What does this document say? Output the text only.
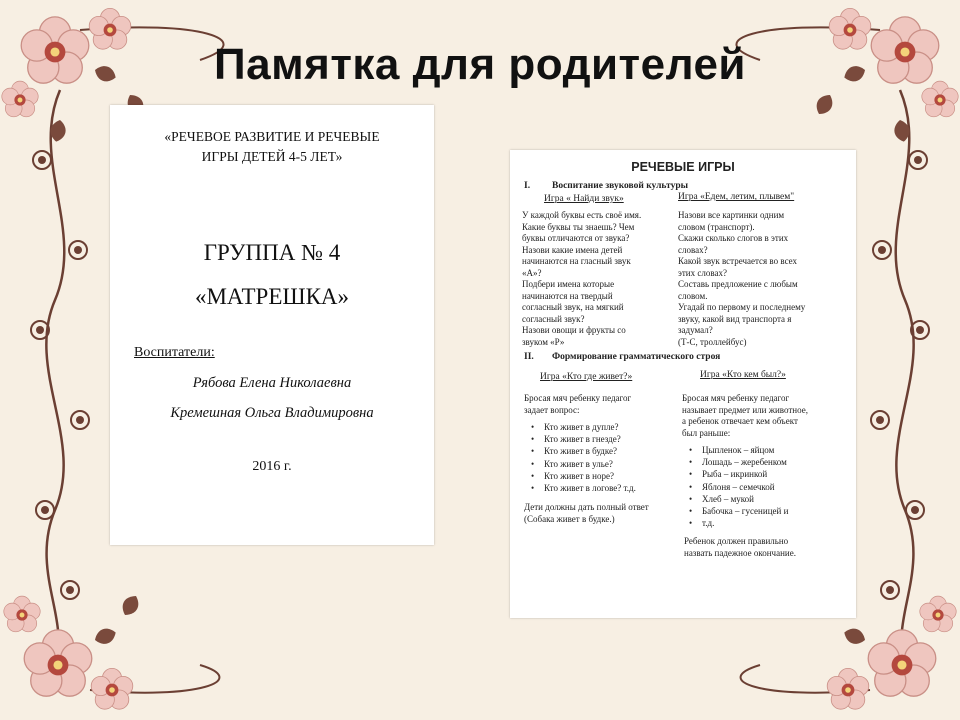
Памятка для родителей
«РЕЧЕВОЕ РАЗВИТИЕ И РЕЧЕВЫЕ
ИГРЫ ДЕТЕЙ 4-5 ЛЕТ»
ГРУППА № 4
«МАТРЕШКА»
Воспитатели:
Рябова Елена Николаевна
Кремешная Ольга Владимировна
2016 г.
РЕЧЕВЫЕ ИГРЫ
I. Воспитание звуковой культуры
Игра « Найди звук»
У каждой буквы есть своё имя.
Какие буквы ты знаешь? Чем
буквы отличаются от звука?
Назови какие имена детей
начинаются на гласный звук
«А»?
Подбери имена которые
начинаются на твердый
согласный звук, на мягкий
согласный звук?
Назови овощи и фрукты со
звуком «Р»
Игра «Едем, летим, плывем"
Назови все картинки одним
словом (транспорт).
Скажи сколько слогов в этих
словах?
Какой звук встречается во всех
этих словах?
Составь предложение с любым
словом.
Угадай по первому и последнему
звуку, какой вид транспорта я
задумал?
(Т-С, троллейбус)
II. Формирование грамматического строя
Игра «Кто где живет?»
Бросая мяч ребенку педагог
задает вопрос:
• Кто живет в дупле?
• Кто живет в гнезде?
• Кто живет в будке?
• Кто живет в улье?
• Кто живет в норе?
• Кто живет в логове? т.д.
Дети должны дать полный ответ
(Собака живет в будке.)
Игра «Кто кем был?»
Бросая мяч ребенку педагог
называет предмет или животное,
а ребенок отвечает кем объект
был раньше:
• Цыпленок – яйцом
• Лошадь – жеребенком
• Рыба – икринкой
• Яблоня – семечкой
• Хлеб – мукой
• Бабочка – гусеницей и
• т.д.
Ребенок должен правильно
назвать падежное окончание.
